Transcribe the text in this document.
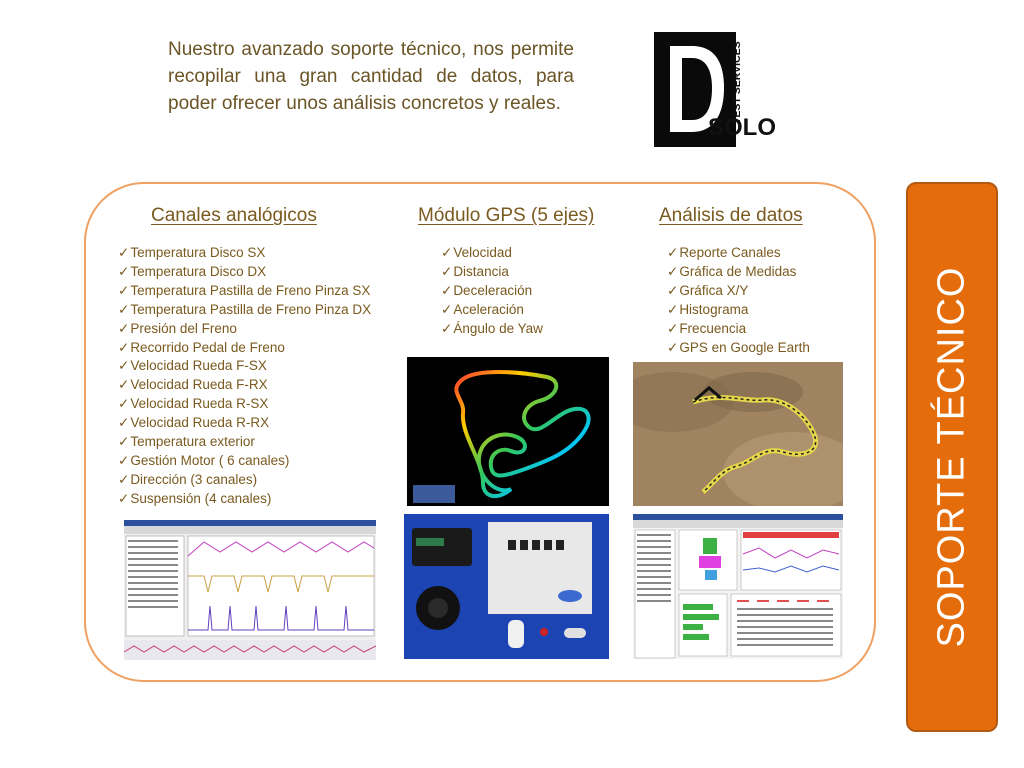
Nuestro avanzado soporte técnico, nos permite recopilar una gran cantidad de datos, para poder ofrecer unos análisis concretos y reales.	TEST SERVICES
SOLO
Canales analógicos	Módulo GPS (5 ejes)	Análisis de datos
✓ Temperatura Disco SX
✓ Temperatura Disco DX
✓ Temperatura Pastilla de Freno Pinza SX
✓ Temperatura Pastilla de Freno Pinza DX
✓ Presión del Freno
✓ Recorrido Pedal de Freno
✓ Velocidad Rueda F-SX
✓ Velocidad Rueda F-RX
✓ Velocidad Rueda R-SX
✓ Velocidad Rueda R-RX
✓ Temperatura exterior
✓ Gestión Motor ( 6 canales)
✓ Dirección (3 canales)
✓ Suspensión (4 canales)
✓ Velocidad
✓ Distancia
✓ Deceleración
✓ Aceleración
✓ Ángulo de Yaw
✓ Reporte Canales
✓ Gráfica de Medidas
✓ Gráfica X/Y
✓ Histograma
✓ Frecuencia
✓ GPS en Google Earth	SOPORTE TÉCNICO
